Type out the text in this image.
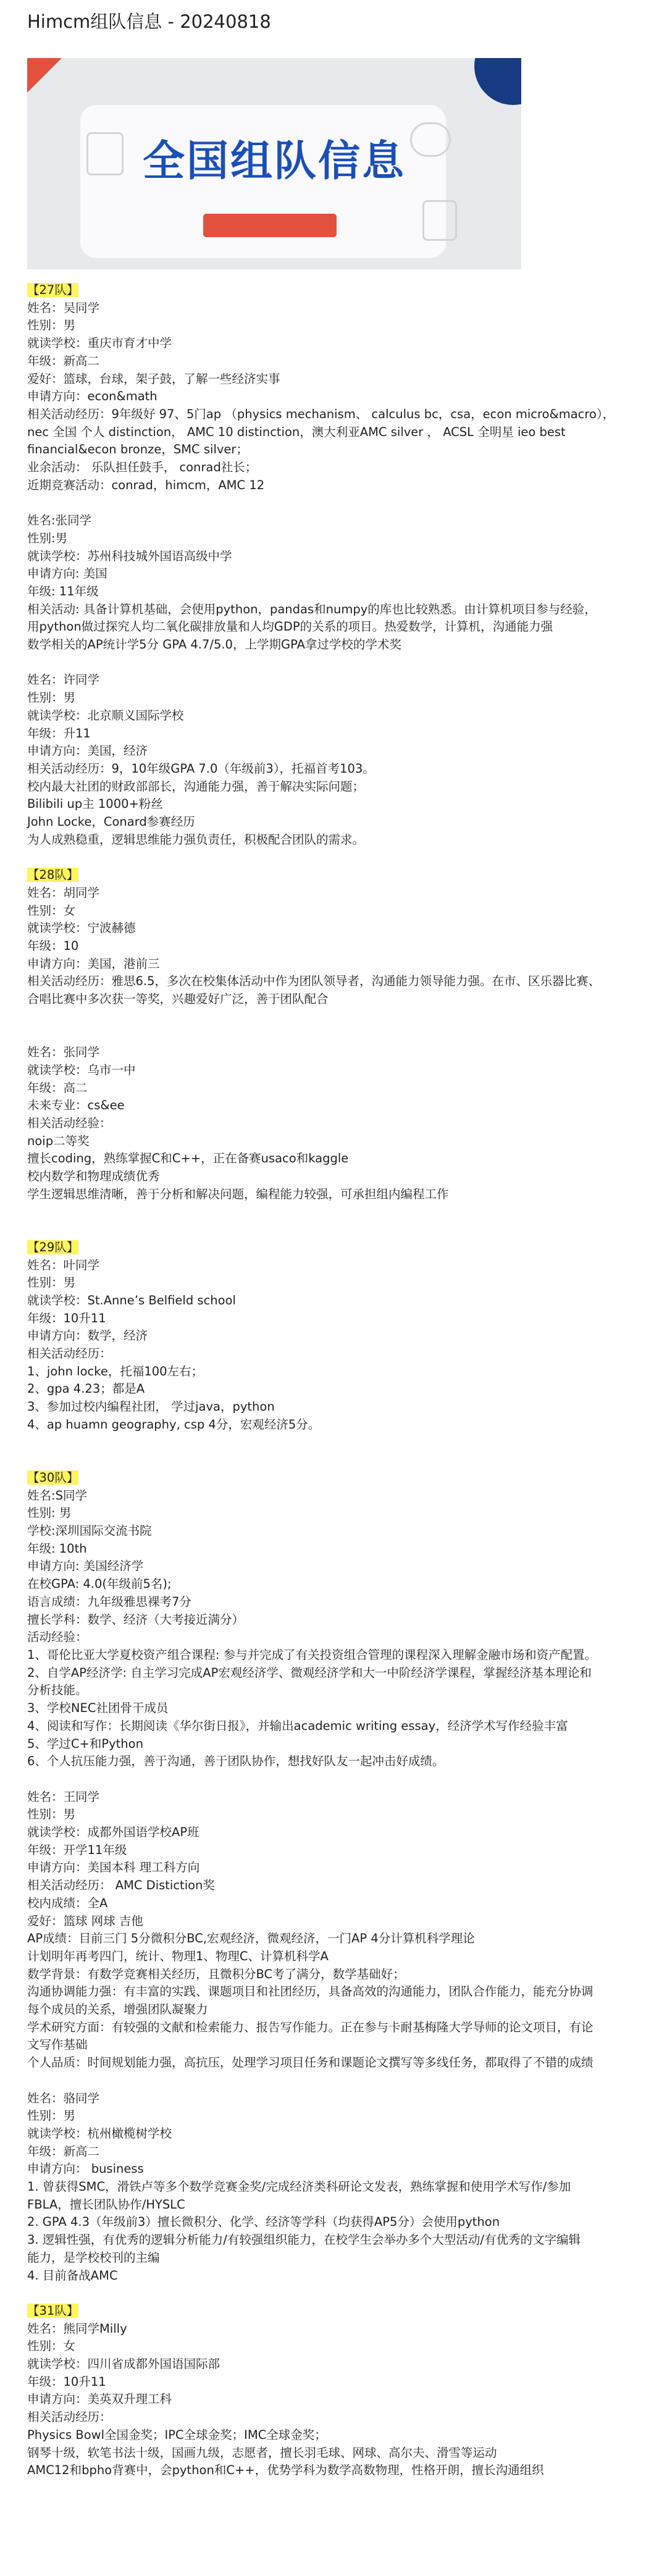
Himcm组队信息 - 20240818
全国组队信息
【27队】
姓名：吴同学
性别：男
就读学校：重庆市育才中学
年级：新高二
爱好：篮球，台球，架子鼓，了解一些经济实事
申请方向：econ&math
相关活动经历：9年级好 97、5门ap （physics mechanism、 calculus bc，csa，econ micro&macro），
nec 全国 个人 distinction， AMC 10 distinction，澳大利亚AMC silver ， ACSL 全明星 ieo best
financial&econ bronze，SMC silver；
业余活动： 乐队担任鼓手， conrad社长；
近期竞赛活动：conrad，himcm，AMC 12
姓名:张同学
性别:男
就读学校：苏州科技城外国语高级中学
申请方向: 美国
年级: 11年级
相关活动: 具备计算机基础，会使用python，pandas和numpy的库也比较熟悉。由计算机项目参与经验，
用python做过探究人均二氧化碳排放量和人均GDP的关系的项目。热爱数学，计算机，沟通能力强
数学相关的AP统计学5分 GPA 4.7/5.0，上学期GPA拿过学校的学术奖
姓名：许同学
性别：男
就读学校：北京顺义国际学校
年级：升11
申请方向：美国，经济
相关活动经历：9，10年级GPA 7.0（年级前3），托福首考103。
校内最大社团的财政部部长，沟通能力强，善于解决实际问题；
Bilibili up主 1000+粉丝
John Locke，Conard参赛经历
为人成熟稳重，逻辑思维能力强负责任，积极配合团队的需求。
【28队】
姓名：胡同学
性别：女
就读学校：宁波赫德
年级：10
申请方向：美国，港前三
相关活动经历：雅思6.5，多次在校集体活动中作为团队领导者，沟通能力领导能力强。在市、区乐器比赛、
合唱比赛中多次获一等奖，兴趣爱好广泛，善于团队配合
姓名：张同学
就读学校：乌市一中
年级：高二
未来专业：cs&ee
相关活动经验：
noip二等奖
擅长coding，熟练掌握C和C++，正在备赛usaco和kaggle
校内数学和物理成绩优秀
学生逻辑思维清晰，善于分析和解决问题，编程能力较强，可承担组内编程工作
【29队】
姓名：叶同学
性别：男
就读学校：St.Anne’s Belfield school
年级：10升11
申请方向：数学，经济
相关活动经历：
1、john locke，托福100左右；
2、gpa 4.23；都是A
3、参加过校内编程社团， 学过java，python
4、ap huamn geography, csp 4分，宏观经济5分。
【30队】
姓名:S同学
性别: 男
学校:深圳国际交流书院
年级: 10th
申请方向: 美国经济学
在校GPA: 4.0(年级前5名);
语言成绩：九年级雅思裸考7分
擅长学科：数学、经济（大考接近满分）
活动经验：
1、哥伦比亚大学夏校资产组合课程: 参与并完成了有关投资组合管理的课程深入理解金融市场和资产配置。
2、自学AP经济学: 自主学习完成AP宏观经济学、微观经济学和大一中阶经济学课程，掌握经济基本理论和
分析技能。
3、学校NEC社团骨干成员
4、阅读和写作：长期阅读《华尔街日报》，并输出academic writing essay，经济学术写作经验丰富
5、学过C+和Python
6、个人抗压能力强，善于沟通，善于团队协作，想找好队友一起冲击好成绩。
姓名：王同学
性别：男
就读学校：成都外国语学校AP班
年级：开学11年级
申请方向：美国本科 理工科方向
相关活动经历： AMC Distiction奖
校内成绩：全A
爱好：篮球 网球 吉他
AP成绩：目前三门 5分微积分BC,宏观经济，微观经济，一门AP 4分计算机科学理论
计划明年再考四门，统计、物理1、物理C、计算机科学A
数学背景：有数学竞赛相关经历，且微积分BC考了满分，数学基础好；
沟通协调能力强：有丰富的实践、课题项目和社团经历，具备高效的沟通能力，团队合作能力，能充分协调
每个成员的关系，增强团队凝聚力
学术研究方面：有较强的文献和检索能力、报告写作能力。正在参与卡耐基梅隆大学导师的论文项目，有论
文写作基础
个人品质：时间规划能力强，高抗压，处理学习项目任务和课题论文撰写等多线任务，都取得了不错的成绩
姓名：骆同学
性别：男
就读学校：杭州橄榄树学校
年级：新高二
申请方向： business
1. 曾获得SMC，滑铁卢等多个数学竞赛金奖/完成经济类科研论文发表，熟练掌握和使用学术写作/参加
FBLA，擅长团队协作/HYSLC
2. GPA 4.3（年级前3）擅长微积分、化学、经济等学科（均获得AP5分）会使用python
3. 逻辑性强，有优秀的逻辑分析能力/有较强组织能力，在校学生会举办多个大型活动/有优秀的文字编辑
能力，是学校校刊的主编
4. 目前备战AMC
【31队】
姓名：熊同学Milly
性别：女
就读学校：四川省成都外国语国际部
年级：10升11
申请方向：美英双升理工科
相关活动经历：
Physics Bowl全国金奖；IPC全球金奖；IMC全球金奖；
钢琴十级，软笔书法十级，国画九级，志愿者，擅长羽毛球、网球、高尔夫、滑雪等运动
AMC12和bpho背赛中，会python和C++，优势学科为数学高数物理，性格开朗，擅长沟通组织
